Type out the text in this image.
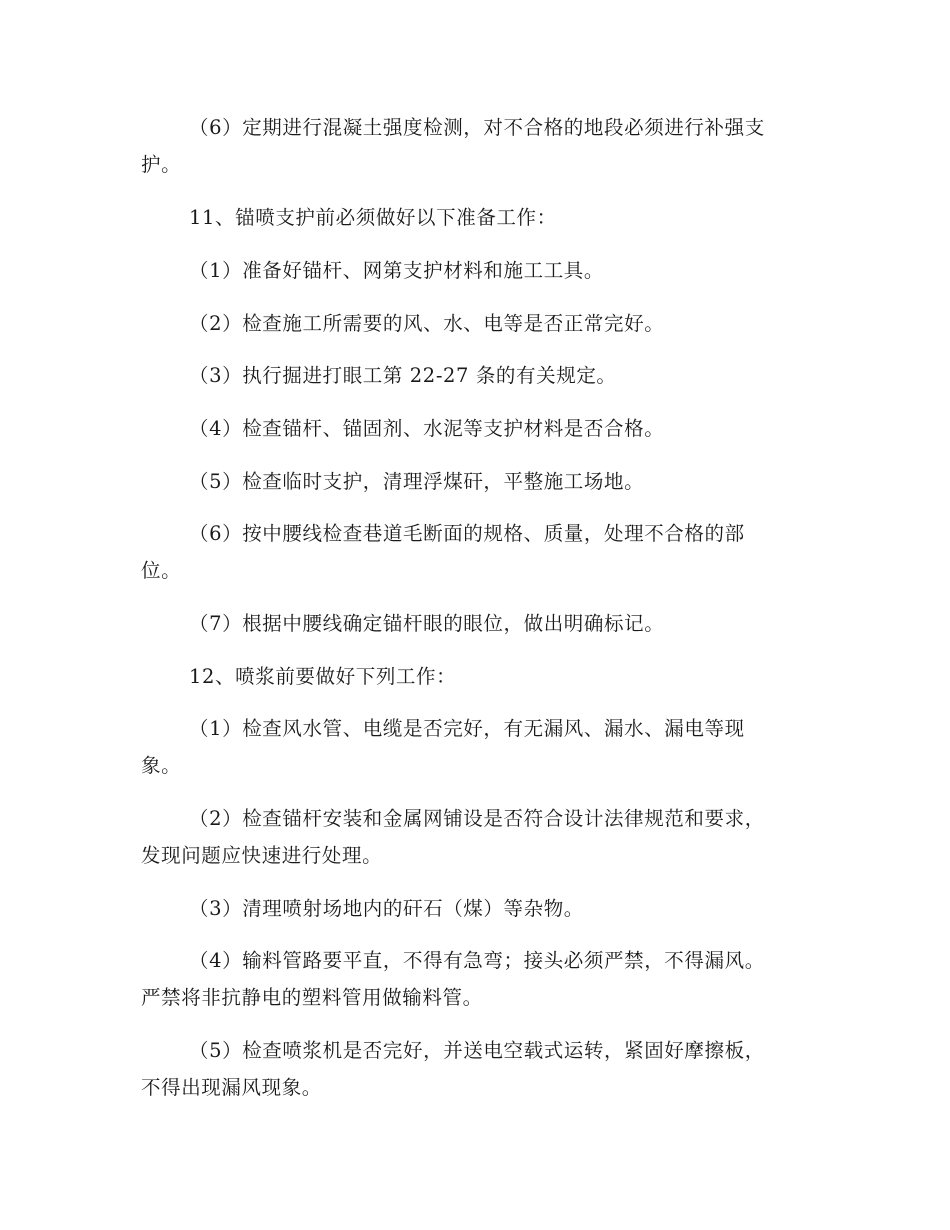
（6）定期进行混凝土强度检测，对不合格的地段必须进行补强支
护。
11、锚喷支护前必须做好以下准备工作：
（1）准备好锚杆、网第支护材料和施工工具。
（2）检查施工所需要的风、水、电等是否正常完好。
（3）执行掘进打眼工第 22-27 条的有关规定。
（4）检查锚杆、锚固剂、水泥等支护材料是否合格。
（5）检查临时支护，清理浮煤矸，平整施工场地。
（6）按中腰线检查巷道毛断面的规格、质量，处理不合格的部
位。
（7）根据中腰线确定锚杆眼的眼位，做出明确标记。
12、喷浆前要做好下列工作：
（1）检查风水管、电缆是否完好，有无漏风、漏水、漏电等现
象。
（2）检查锚杆安装和金属网铺设是否符合设计法律规范和要求，
发现问题应快速进行处理。
（3）清理喷射场地内的矸石（煤）等杂物。
（4）输料管路要平直，不得有急弯；接头必须严禁，不得漏风。
严禁将非抗静电的塑料管用做输料管。
（5）检查喷浆机是否完好，并送电空载式运转，紧固好摩擦板，
不得出现漏风现象。
